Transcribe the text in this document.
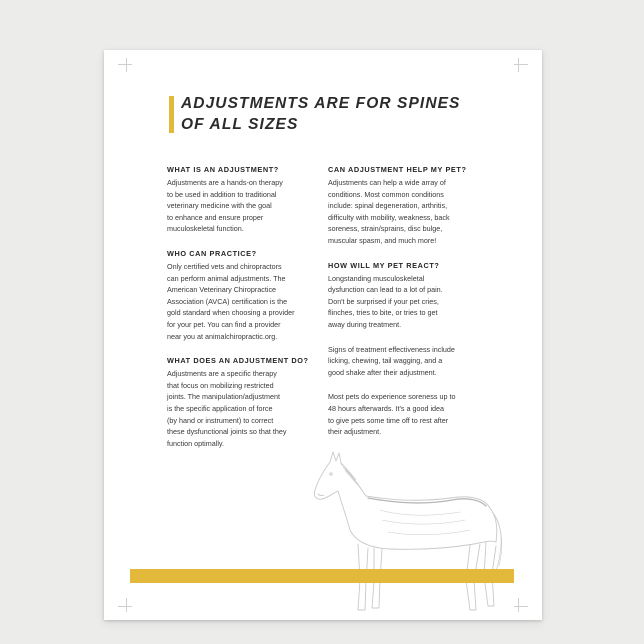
ADJUSTMENTS ARE FOR SPINES
OF ALL SIZES
WHAT IS AN ADJUSTMENT?
Adjustments are a hands-on therapy
to be used in addition to traditional
veterinary medicine with the goal
to enhance and ensure proper
muculoskeletal function.
WHO CAN PRACTICE?
Only certified vets and chiropractors
can perform animal adjustments. The
American Veterinary Chiropractice
Association (AVCA) certification is the
gold standard when choosing a provider
for your pet. You can find a provider
near you at animalchiropractic.org.
WHAT DOES AN ADJUSTMENT DO?
Adjustments are a specific therapy
that focus on mobilizing restricted
joints. The manipulation/adjustment
is the specific application of force
(by hand or instrument) to correct
these dysfunctional joints so that they
function optimally.
CAN ADJUSTMENT HELP MY PET?
Adjustments can help a wide array of
conditions. Most common conditions
include: spinal degeneration, arthritis,
difficulty with mobility, weakness, back
soreness, strain/sprains, disc bulge,
muscular spasm, and much more!
HOW WILL MY PET REACT?
Longstanding musculoskeletal
dysfunction can lead to a lot of pain.
Don't be surprised if your pet cries,
flinches, tries to bite, or tries to get
away during treatment.
Signs of treatment effectiveness include
licking, chewing, tail wagging, and a
good shake after their adjustment.
Most pets do experience soreness up to
48 hours afterwards. It's a good idea
to give pets some time off to rest after
their adjustment.
